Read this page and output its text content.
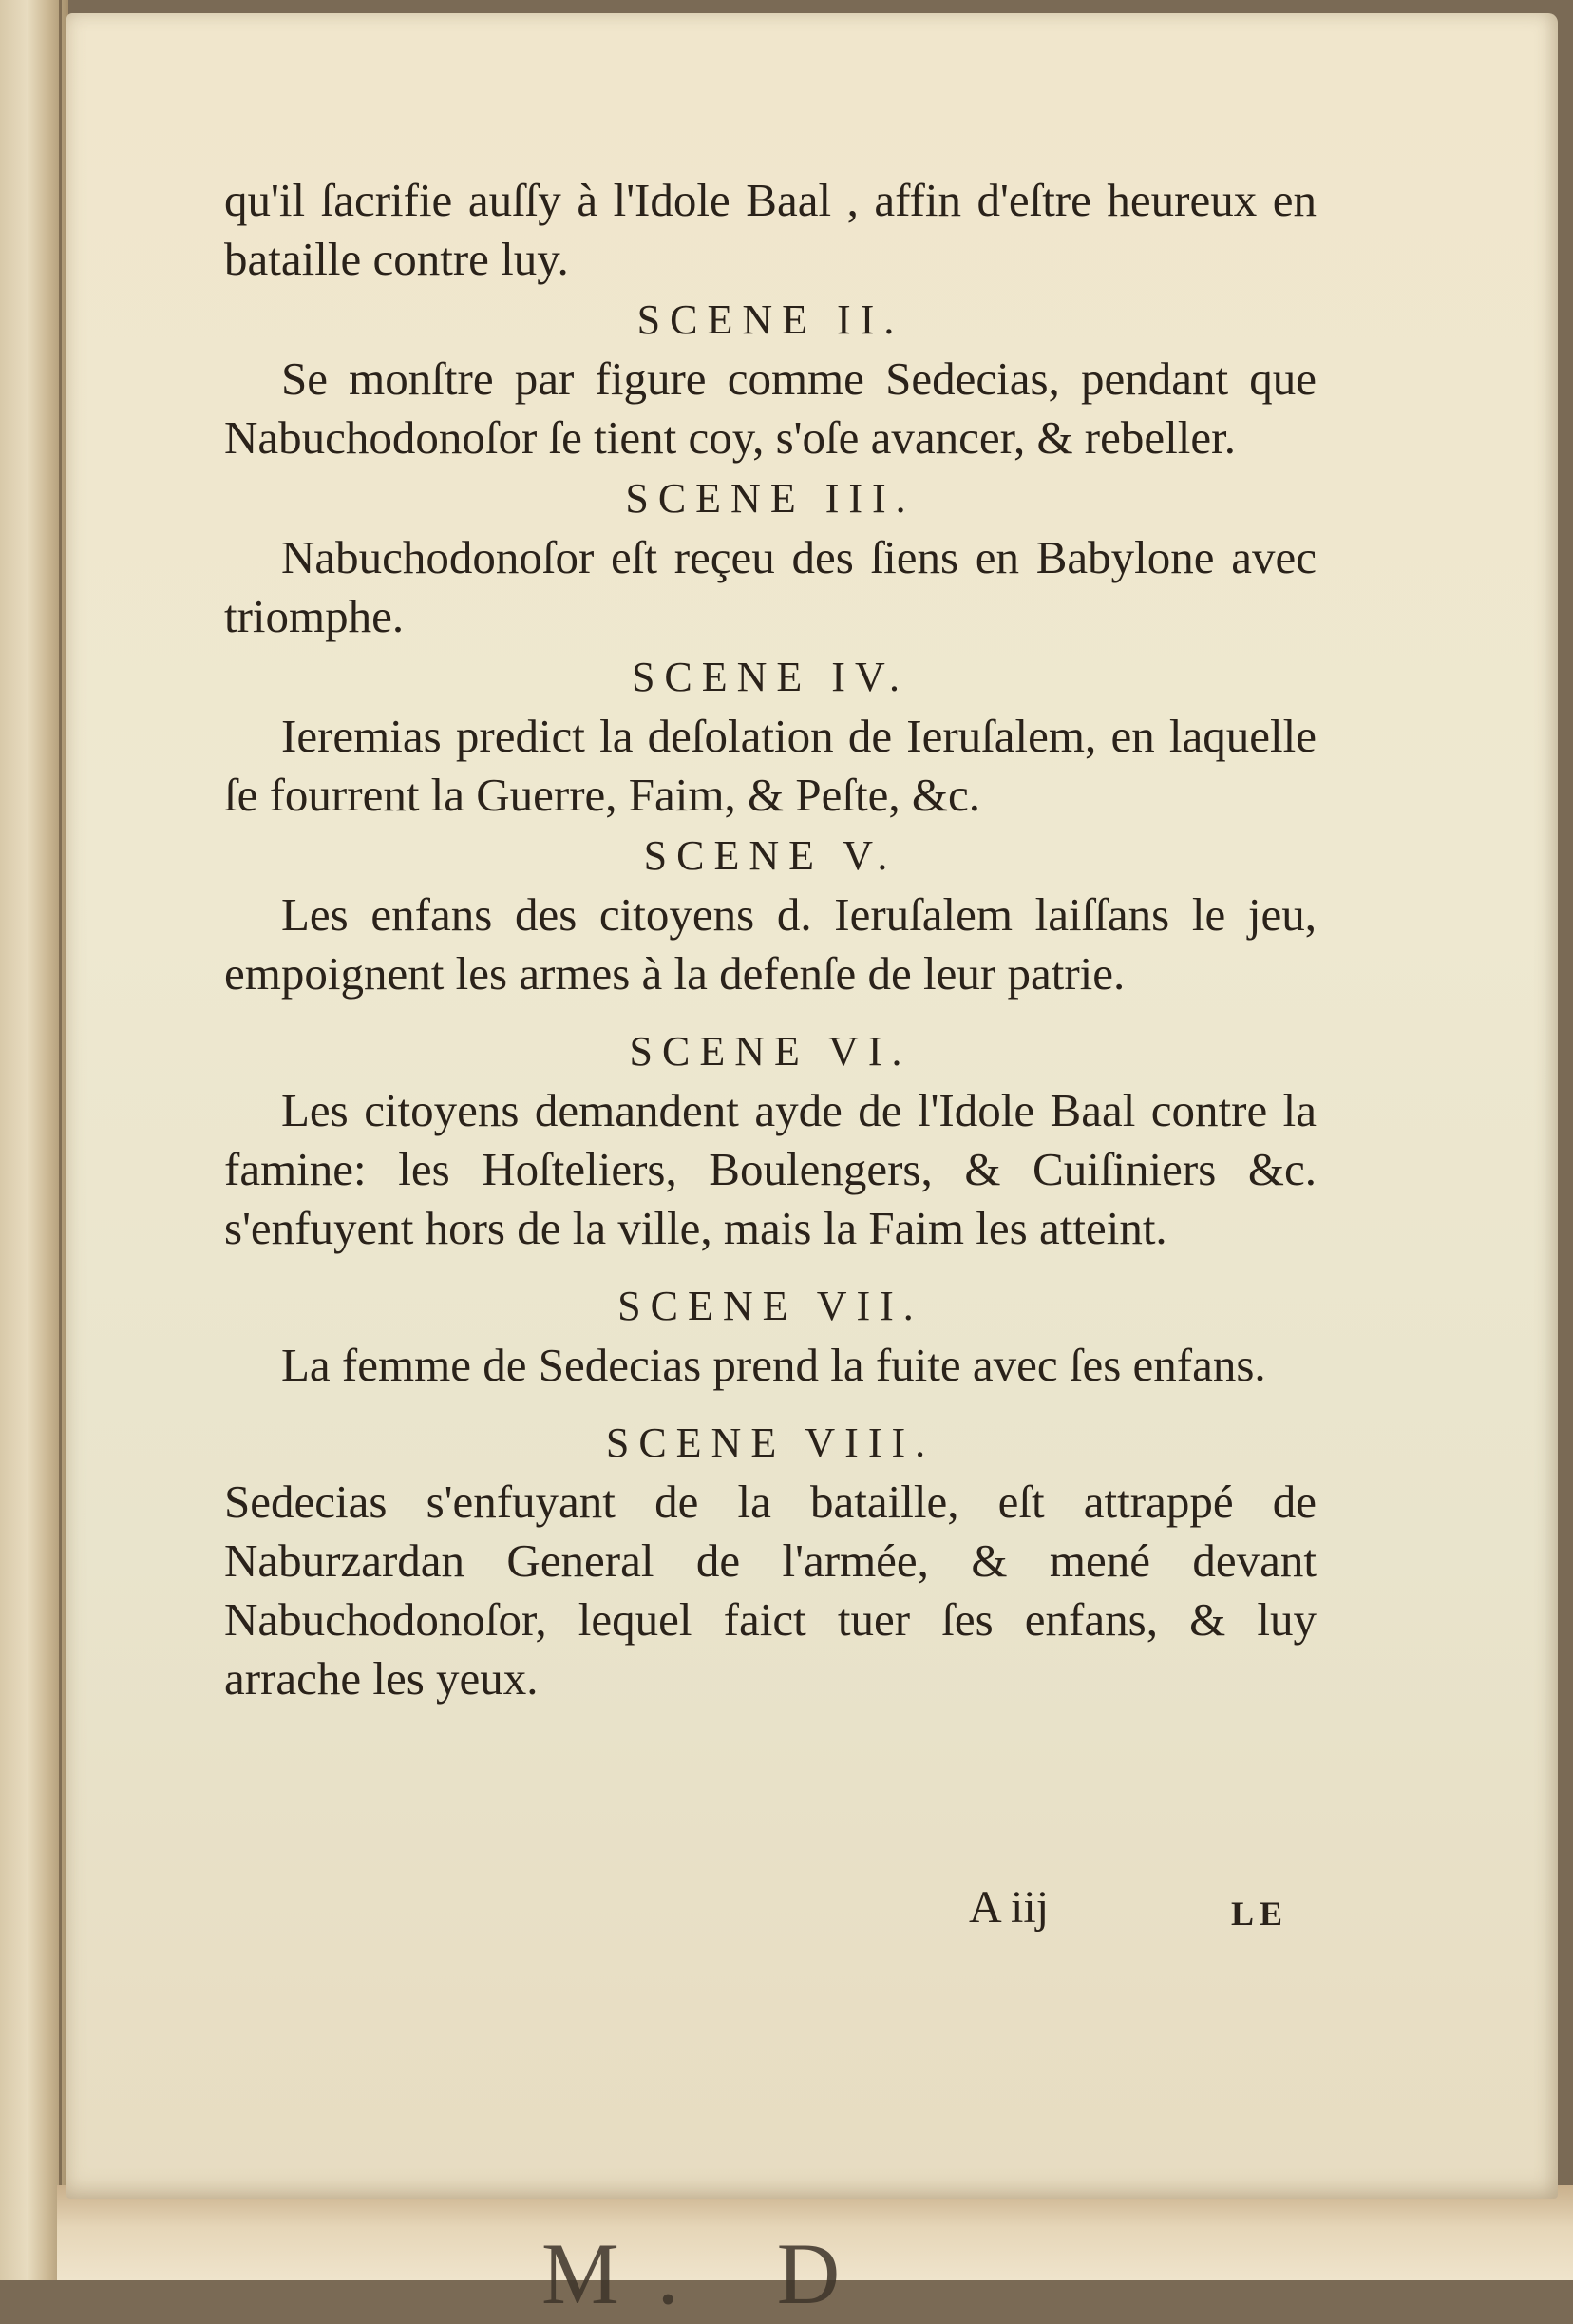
M. D

qu'il ſacrifie auſſy à l'Idole Baal , affin d'eſtre heureux en bataille contre luy.

SCENE II.

Se monſtre par figure comme Sedecias, pendant que Nabuchodonoſor ſe tient coy, s'oſe avancer, & rebeller.

SCENE III.

Nabuchodonoſor eſt reçeu des ſiens en Babylone avec triomphe.

SCENE IV.

Ieremias predict la deſolation de Ieruſalem, en laquelle ſe fourrent la Guerre, Faim, & Peſte, &c.

SCENE V.

Les enfans des citoyens d. Ieruſalem laiſſans le jeu, empoignent les armes à la defenſe de leur patrie.

SCENE VI.

Les citoyens demandent ayde de l'Idole Baal contre la famine: les Hoſteliers, Boulengers, & Cuiſiniers &c. s'enfuyent hors de la ville, mais la Faim les atteint.

SCENE VII.

La femme de Sedecias prend la fuite avec ſes enfans.

SCENE VIII.

Sedecias s'enfuyant de la bataille, eſt attrappé de Naburzardan General de l'armée, & mené devant Nabuchodonoſor, lequel faict tuer ſes enfans, & luy arrache les yeux.

A iij	LE
